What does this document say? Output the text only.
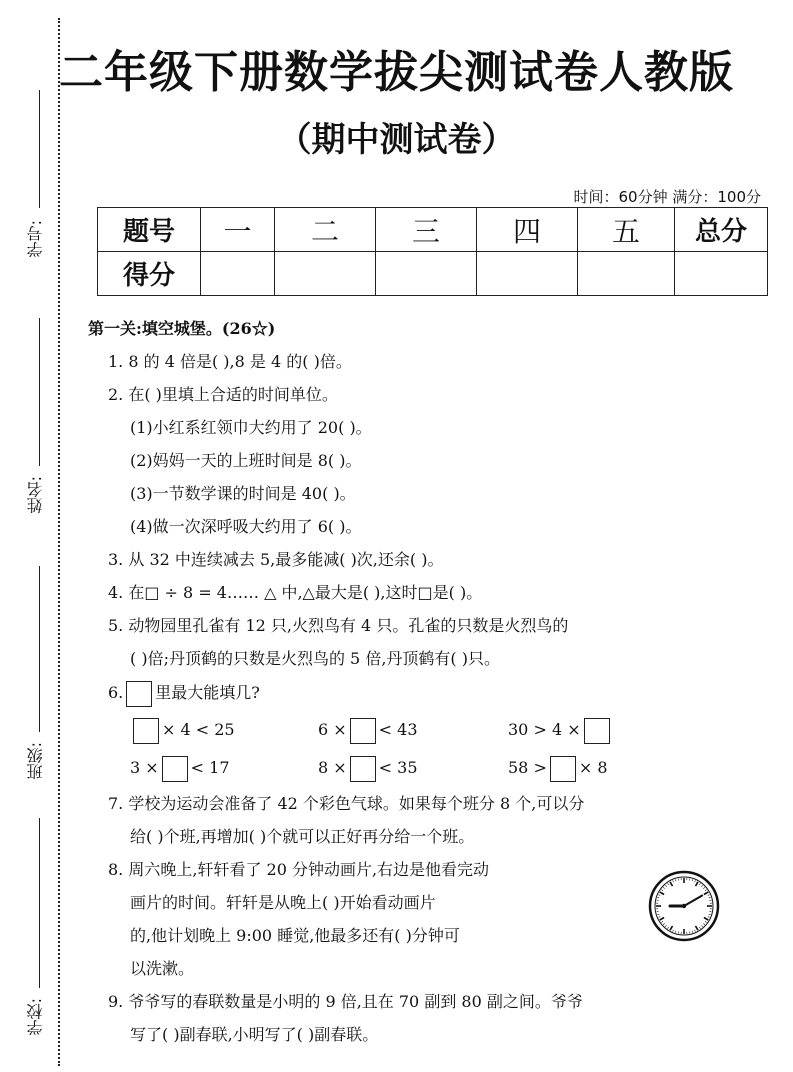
学号:
姓名:
班级:
学校:
二年级下册数学拔尖测试卷人教版
（期中测试卷）
时间：60分钟 满分：100分
题号	一	二	三	四	五	总分
得分						
第一关:填空城堡。(26☆)
1. 8 的 4 倍是( ),8 是 4 的( )倍。
2. 在( )里填上合适的时间单位。
(1)小红系红领巾大约用了 20( )。
(2)妈妈一天的上班时间是 8( )。
(3)一节数学课的时间是 40( )。
(4)做一次深呼吸大约用了 6( )。
3. 从 32 中连续减去 5,最多能减( )次,还余( )。
4. 在□ ÷ 8 = 4…… △ 中,△最大是( ),这时□是( )。
5. 动物园里孔雀有 12 只,火烈鸟有 4 只。孔雀的只数是火烈鸟的
( )倍;丹顶鹤的只数是火烈鸟的 5 倍,丹顶鹤有( )只。
6. 里最大能填几?
× 4 < 25	6 × < 43	30 > 4 ×
3 × < 17	8 × < 35	58 > × 8
7. 学校为运动会准备了 42 个彩色气球。如果每个班分 8 个,可以分
给( )个班,再增加( )个就可以正好再分给一个班。
8. 周六晚上,轩轩看了 20 分钟动画片,右边是他看完动
画片的时间。轩轩是从晚上( )开始看动画片
的,他计划晚上 9:00 睡觉,他最多还有( )分钟可
以洗漱。
9. 爷爷写的春联数量是小明的 9 倍,且在 70 副到 80 副之间。爷爷
写了( )副春联,小明写了( )副春联。
